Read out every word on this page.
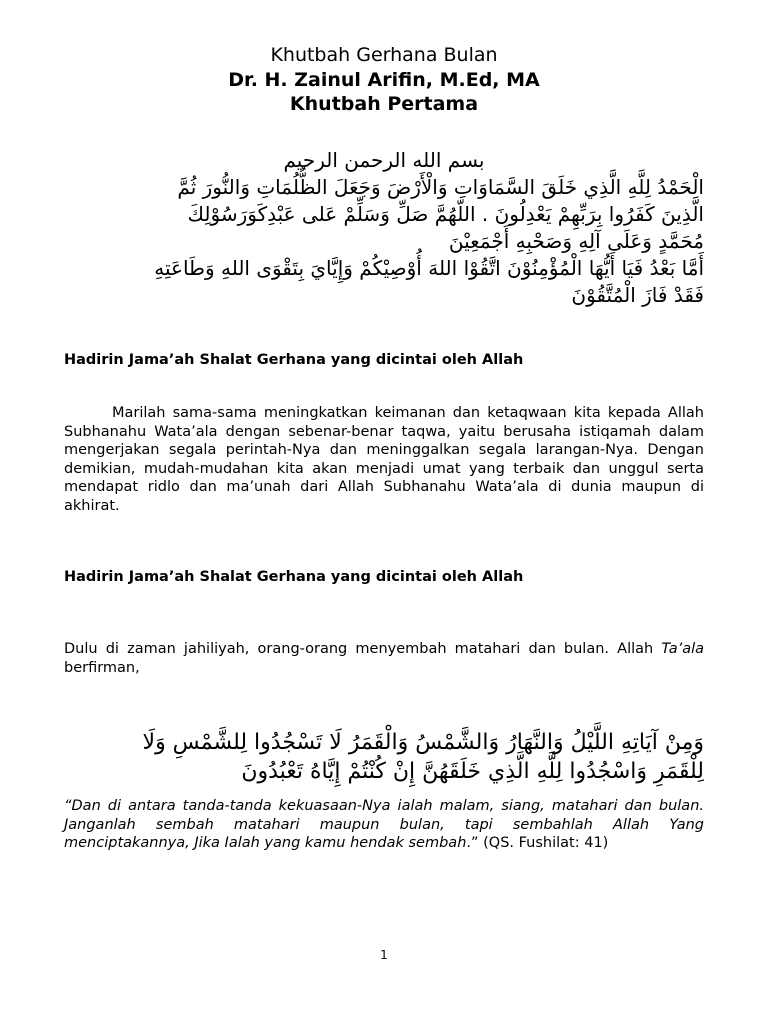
Khutbah Gerhana Bulan
Dr. H. Zainul Arifin, M.Ed, MA
Khutbah Pertama
بسم الله الرحمن الرحيم
الْحَمْدُ لِلَّهِ الَّذِي خَلَقَ السَّمَاوَاتِ وَالْأَرْضَ وَجَعَلَ الظُّلُمَاتِ وَالنُّورَ ثُمَّ
الَّذِينَ كَفَرُوا بِرَبِّهِمْ يَعْدِلُونَ . اللّهُمَّ صَلِّ وَسَلِّمْ عَلى عَبْدِكَوَرَسُوْلِكَ
مُحَمَّدٍ وَعَلَى آلِهِ وَصَحْبِهِ أَجْمَعِيْنَ
أَمَّا بَعْدُ فَيَا أَيُّهَا الْمُؤْمِنُوْنَ اتَّقُوْا اللهَ أُوْصِيْكُمْ وَإِيَّايَ بِتَقْوَى اللهِ وَطَاعَتِهِ
فَقَدْ فَازَ الْمُتَّقُوْنَ
Hadirin Jama’ah Shalat Gerhana yang dicintai oleh Allah
Marilah sama-sama meningkatkan keimanan dan ketaqwaan kita kepada Allah Subhanahu Wata’ala dengan sebenar-benar taqwa, yaitu berusaha istiqamah dalam mengerjakan segala perintah-Nya dan meninggalkan segala larangan-Nya. Dengan demikian, mudah-mudahan kita akan menjadi umat yang terbaik dan unggul serta mendapat ridlo dan ma’unah dari Allah Subhanahu Wata’ala di dunia maupun di akhirat.
Hadirin Jama’ah Shalat Gerhana yang dicintai oleh Allah
Dulu di zaman jahiliyah, orang-orang menyembah matahari dan bulan. Allah Ta’ala berfirman,
وَمِنْ آيَاتِهِ اللَّيْلُ وَالنَّهَارُ وَالشَّمْسُ وَالْقَمَرُ لَا تَسْجُدُوا لِلشَّمْسِ وَلَا
لِلْقَمَرِ وَاسْجُدُوا لِلَّهِ الَّذِي خَلَقَهُنَّ إِنْ كُنْتُمْ إِيَّاهُ تَعْبُدُونَ
“Dan di antara tanda-tanda kekuasaan-Nya ialah malam, siang, matahari dan bulan. Janganlah sembah matahari maupun bulan, tapi sembahlah Allah Yang menciptakannya, Jika Ialah yang kamu hendak sembah.” (QS. Fushilat: 41)
1
